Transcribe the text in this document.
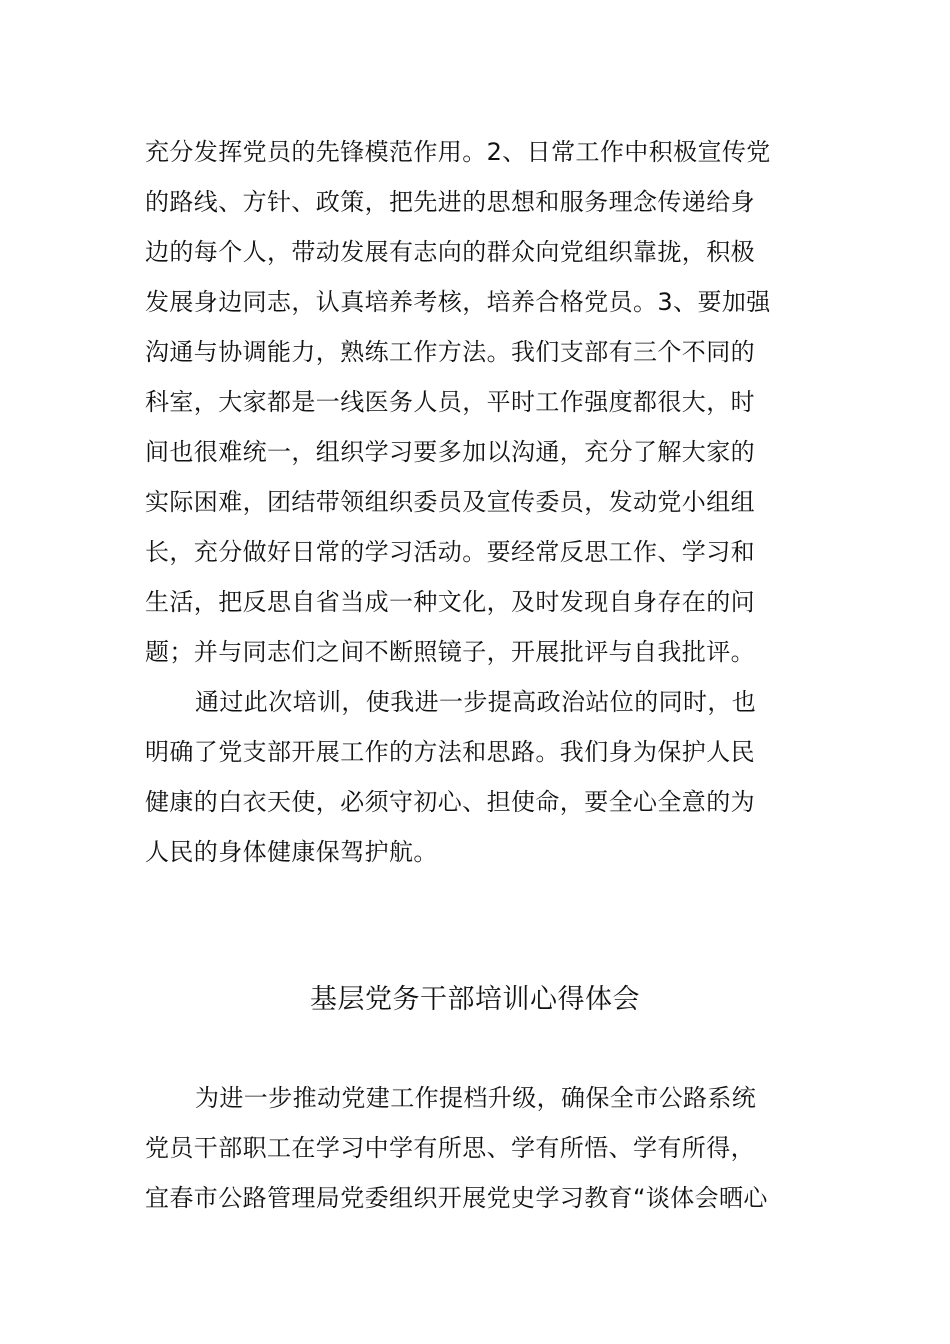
充分发挥党员的先锋模范作用。2、日常工作中积极宣传党
的路线、方针、政策，把先进的思想和服务理念传递给身
边的每个人，带动发展有志向的群众向党组织靠拢，积极
发展身边同志，认真培养考核，培养合格党员。3、要加强
沟通与协调能力，熟练工作方法。我们支部有三个不同的
科室，大家都是一线医务人员，平时工作强度都很大，时
间也很难统一，组织学习要多加以沟通，充分了解大家的
实际困难，团结带领组织委员及宣传委员，发动党小组组
长，充分做好日常的学习活动。要经常反思工作、学习和
生活，把反思自省当成一种文化，及时发现自身存在的问
题；并与同志们之间不断照镜子，开展批评与自我批评。

通过此次培训，使我进一步提高政治站位的同时，也
明确了党支部开展工作的方法和思路。我们身为保护人民
健康的白衣天使，必须守初心、担使命，要全心全意的为
人民的身体健康保驾护航。

基层党务干部培训心得体会

为进一步推动党建工作提档升级，确保全市公路系统
党员干部职工在学习中学有所思、学有所悟、学有所得，
宜春市公路管理局党委组织开展党史学习教育“谈体会晒心
